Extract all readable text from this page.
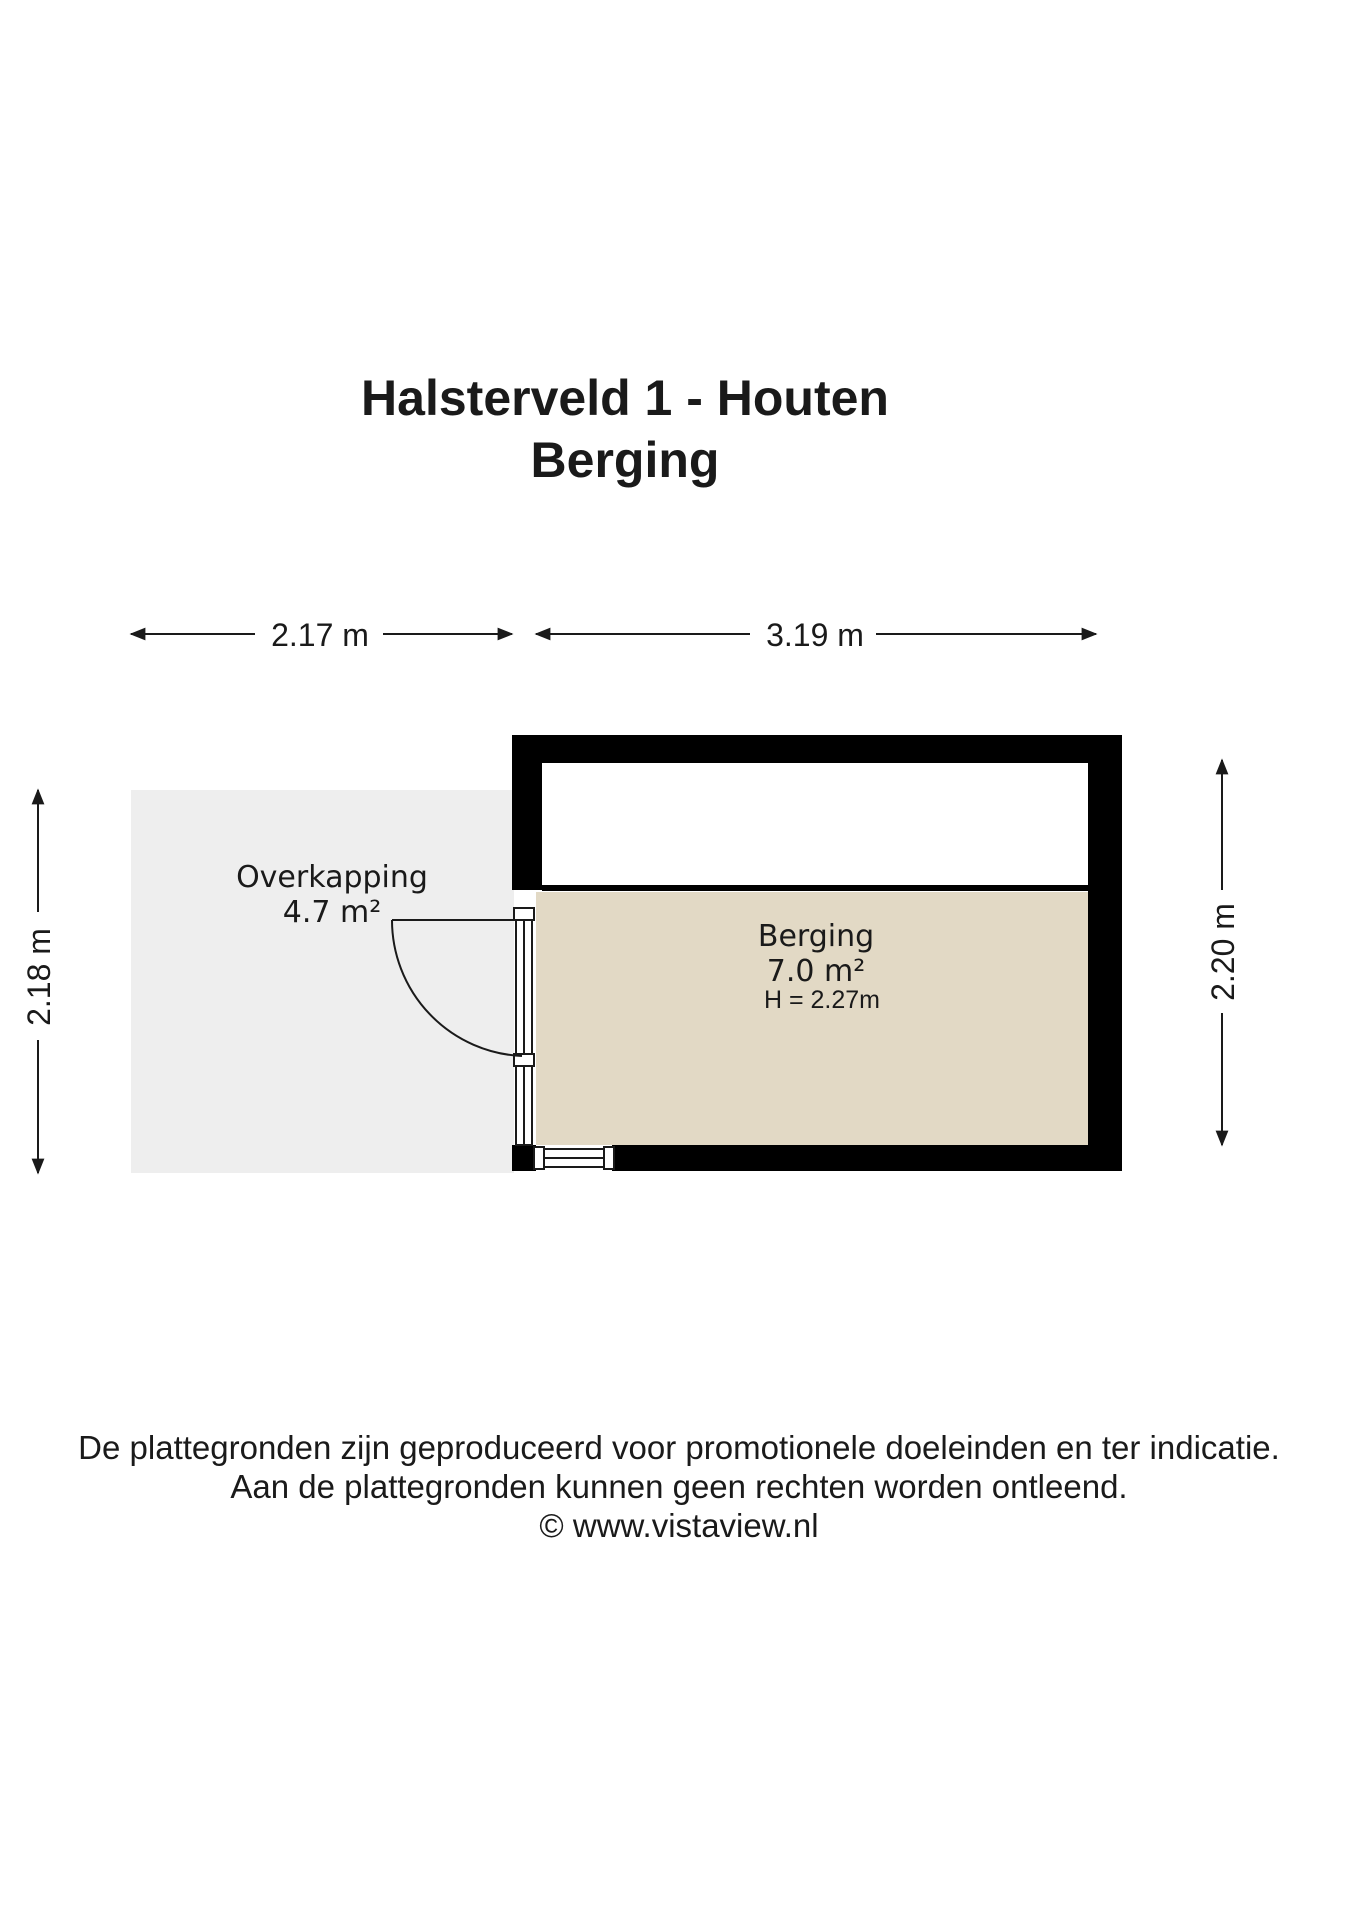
Halsterveld 1 - Houten
Berging
2.17 m	3.19 m
2.18 m	2.20 m
Overkapping
4.7 m²
Berging
7.0 m²
H = 2.27m
De plattegronden zijn geproduceerd voor promotionele doeleinden en ter indicatie.
Aan de plattegronden kunnen geen rechten worden ontleend.
© www.vistaview.nl
